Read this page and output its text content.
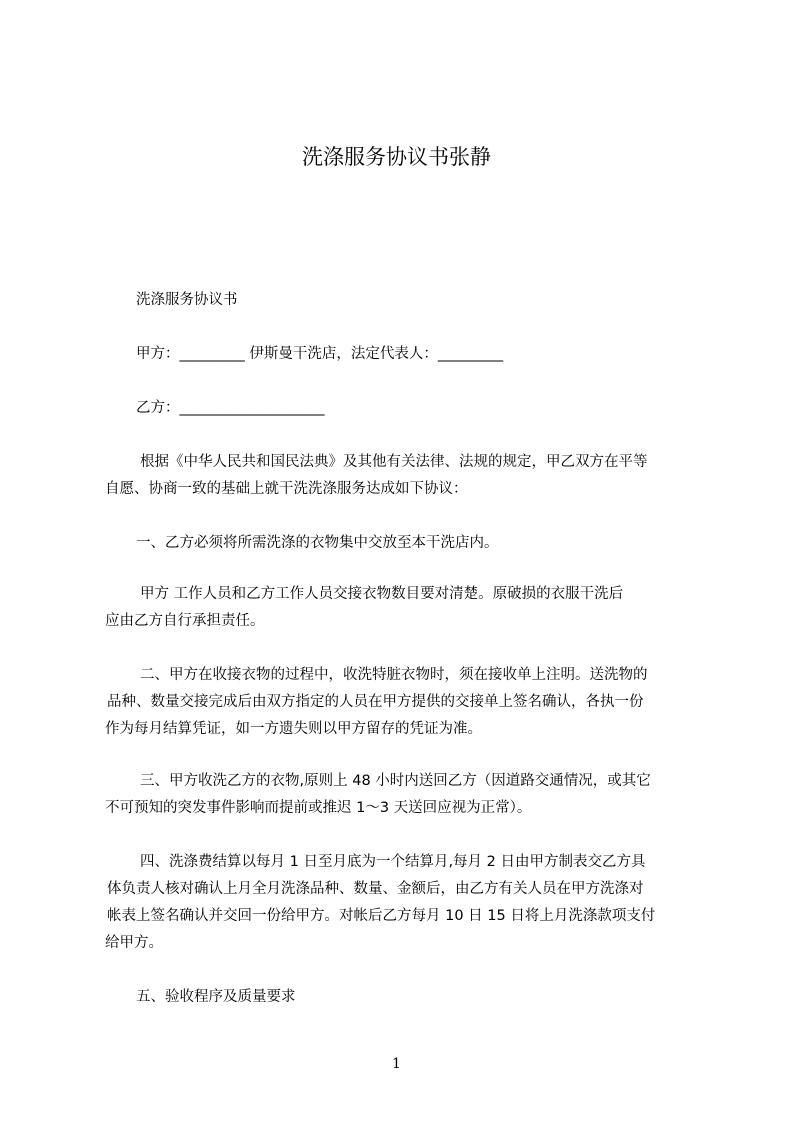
洗涤服务协议书张静
洗涤服务协议书
甲方：_________ 伊斯曼干洗店，法定代表人：_________
乙方：____________________
根据《中华人民共和国民法典》及其他有关法律、法规的规定，甲乙双方在平等
自愿、协商一致的基础上就干洗洗涤服务达成如下协议：
一、乙方必须将所需洗涤的衣物集中交放至本干洗店内。
甲方 工作人员和乙方工作人员交接衣物数目要对清楚。原破损的衣服干洗后
应由乙方自行承担责任。
二、甲方在收接衣物的过程中，收洗特脏衣物时，须在接收单上注明。送洗物的
品种、数量交接完成后由双方指定的人员在甲方提供的交接单上签名确认，各执一份
作为每月结算凭证，如一方遗失则以甲方留存的凭证为准。
三、甲方收洗乙方的衣物,原则上 48 小时内送回乙方（因道路交通情况，或其它
不可预知的突发事件影响而提前或推迟 1～3 天送回应视为正常）。
四、洗涤费结算以每月 1 日至月底为一个结算月,每月 2 日由甲方制表交乙方具
体负责人核对确认上月全月洗涤品种、数量、金额后，由乙方有关人员在甲方洗涤对
帐表上签名确认并交回一份给甲方。对帐后乙方每月 10 日 15 日将上月洗涤款项支付
给甲方。
五、验收程序及质量要求
1
